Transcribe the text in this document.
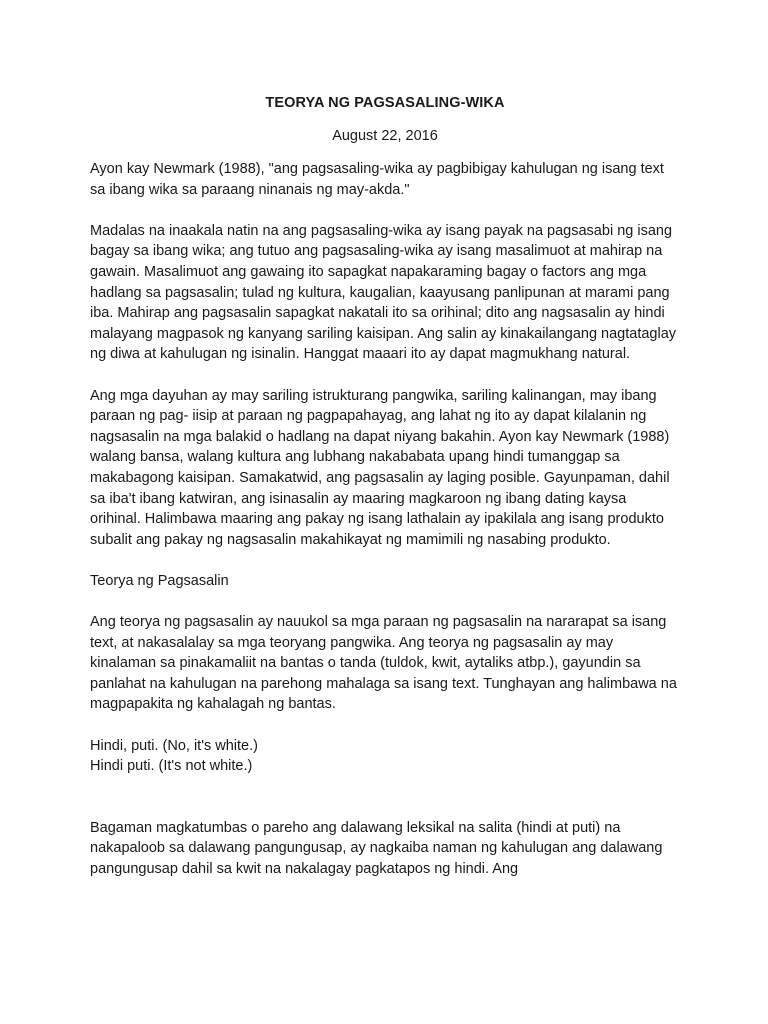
TEORYA NG PAGSASALING-WIKA
August 22, 2016

Ayon kay Newmark (1988), "ang pagsasaling-wika ay pagbibigay kahulugan ng isang text sa ibang wika sa paraang ninanais ng may-akda."

Madalas na inaakala natin na ang pagsasaling-wika ay isang payak na pagsasabi ng isang bagay sa ibang wika; ang tutuo ang pagsasaling-wika ay isang masalimuot at mahirap na gawain. Masalimuot ang gawaing ito sapagkat napakaraming bagay o factors ang mga hadlang sa pagsasalin; tulad ng kultura, kaugalian, kaayusang panlipunan at marami pang iba. Mahirap ang pagsasalin sapagkat nakatali ito sa orihinal; dito ang nagsasalin ay hindi malayang magpasok ng kanyang sariling kaisipan. Ang salin ay kinakailangang nagtataglay ng diwa at kahulugan ng isinalin. Hanggat maaari ito ay dapat magmukhang natural.

Ang mga dayuhan ay may sariling istrukturang pangwika, sariling kalinangan, may ibang paraan ng pag- iisip at paraan ng pagpapahayag, ang lahat ng ito ay dapat kilalanin ng nagsasalin na mga balakid o hadlang na dapat niyang bakahin. Ayon kay Newmark (1988) walang bansa, walang kultura ang lubhang nakababata upang hindi tumanggap sa makabagong kaisipan. Samakatwid, ang pagsasalin ay laging posible. Gayunpaman, dahil sa iba't ibang katwiran, ang isinasalin ay maaring magkaroon ng ibang dating kaysa orihinal. Halimbawa maaring ang pakay ng isang lathalain ay ipakilala ang isang produkto subalit ang pakay ng nagsasalin makahikayat ng mamimili ng nasabing produkto.

Teorya ng Pagsasalin

Ang teorya ng pagsasalin ay nauukol sa mga paraan ng pagsasalin na nararapat sa isang text, at nakasalalay sa mga teoryang pangwika. Ang teorya ng pagsasalin ay may kinalaman sa pinakamaliit na bantas o tanda (tuldok, kwit, aytaliks atbp.), gayundin sa panlahat na kahulugan na parehong mahalaga sa isang text. Tunghayan ang halimbawa na magpapakita ng kahalagah ng bantas.

Hindi, puti. (No, it's white.)

Hindi puti. (It's not white.)

Bagaman magkatumbas o pareho ang dalawang leksikal na salita (hindi at puti) na nakapaloob sa dalawang pangungusap, ay nagkaiba naman ng kahulugan ang dalawang pangungusap dahil sa kwit na nakalagay pagkatapos ng hindi. Ang
